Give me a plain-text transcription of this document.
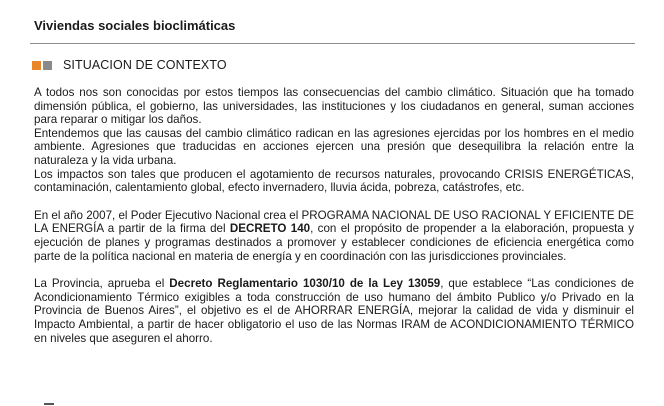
Viviendas sociales bioclimáticas
SITUACION DE CONTEXTO

A todos nos son conocidas por estos tiempos las consecuencias del cambio climático. Situación que ha tomado dimensión pública, el gobierno, las universidades, las instituciones y los ciudadanos en general, suman acciones para reparar o mitigar los daños.

Entendemos que las causas del cambio climático radican en las agresiones ejercidas por los hombres en el medio ambiente. Agresiones que traducidas en acciones ejercen una presión que desequilibra la relación entre la naturaleza y la vida urbana.

Los impactos son tales que producen el agotamiento de recursos naturales, provocando CRISIS ENERGÉTICAS, contaminación, calentamiento global, efecto invernadero, lluvia ácida, pobreza, catástrofes, etc.

En el año 2007, el Poder Ejecutivo Nacional crea el PROGRAMA NACIONAL DE USO RACIONAL Y EFICIENTE DE LA ENERGÍA a partir de la firma del DECRETO 140, con el propósito de propender a la elaboración, propuesta y ejecución de planes y programas destinados a promover y establecer condiciones de eficiencia energética como parte de la política nacional en materia de energía y en coordinación con las jurisdicciones provinciales.

La Provincia, aprueba el Decreto Reglamentario 1030/10 de la Ley 13059, que establece “Las condiciones de Acondicionamiento Térmico exigibles a toda construcción de uso humano del ámbito Publico y/o Privado en la Provincia de Buenos Aires”, el objetivo es el de AHORRAR ENERGÍA, mejorar la calidad de vida y disminuir el Impacto Ambiental, a partir de hacer obligatorio el uso de las Normas IRAM de ACONDICIONAMIENTO TÉRMICO en niveles que aseguren el ahorro.
